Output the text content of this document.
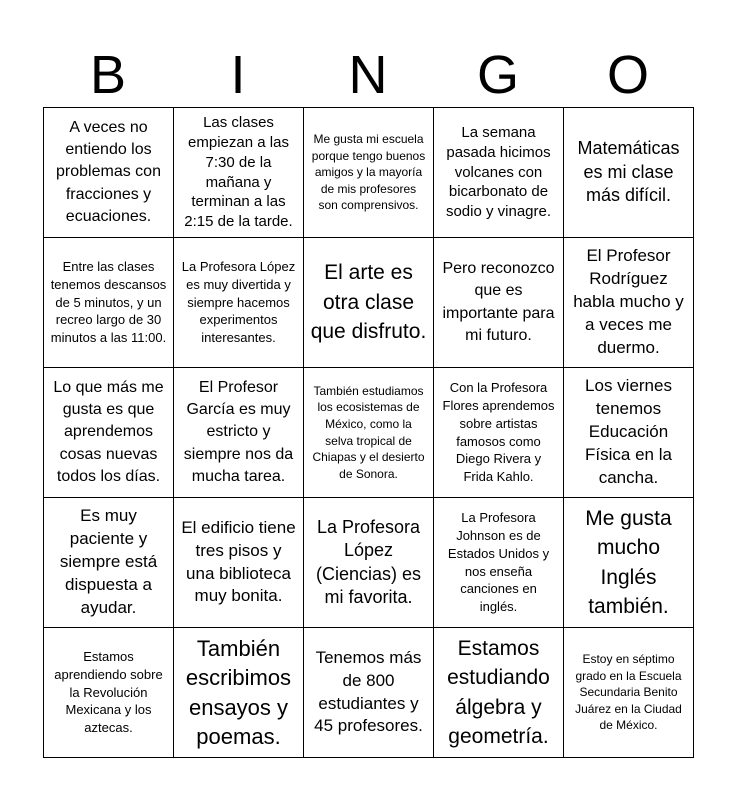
B	I	N	G	O
A veces no entiendo los problemas con fracciones y ecuaciones.
Las clases empiezan a las 7:30 de la mañana y terminan a las 2:15 de la tarde.
Me gusta mi escuela porque tengo buenos amigos y la mayoría de mis profesores son comprensivos.
La semana pasada hicimos volcanes con bicarbonato de sodio y vinagre.
Matemáticas es mi clase más difícil.
Entre las clases tenemos descansos de 5 minutos, y un recreo largo de 30 minutos a las 11:00.
La Profesora López es muy divertida y siempre hacemos experimentos interesantes.
El arte es otra clase que disfruto.
Pero reconozco que es importante para mi futuro.
El Profesor Rodríguez habla mucho y a veces me duermo.
Lo que más me gusta es que aprendemos cosas nuevas todos los días.
El Profesor García es muy estricto y siempre nos da mucha tarea.
También estudiamos los ecosistemas de México, como la selva tropical de Chiapas y el desierto de Sonora.
Con la Profesora Flores aprendemos sobre artistas famosos como Diego Rivera y Frida Kahlo.
Los viernes tenemos Educación Física en la cancha.
Es muy paciente y siempre está dispuesta a ayudar.
El edificio tiene tres pisos y una biblioteca muy bonita.
La Profesora López (Ciencias) es mi favorita.
La Profesora Johnson es de Estados Unidos y nos enseña canciones en inglés.
Me gusta mucho Inglés también.
Estamos aprendiendo sobre la Revolución Mexicana y los aztecas.
También escribimos ensayos y poemas.
Tenemos más de 800 estudiantes y 45 profesores.
Estamos estudiando álgebra y geometría.
Estoy en séptimo grado en la Escuela Secundaria Benito Juárez en la Ciudad de México.
